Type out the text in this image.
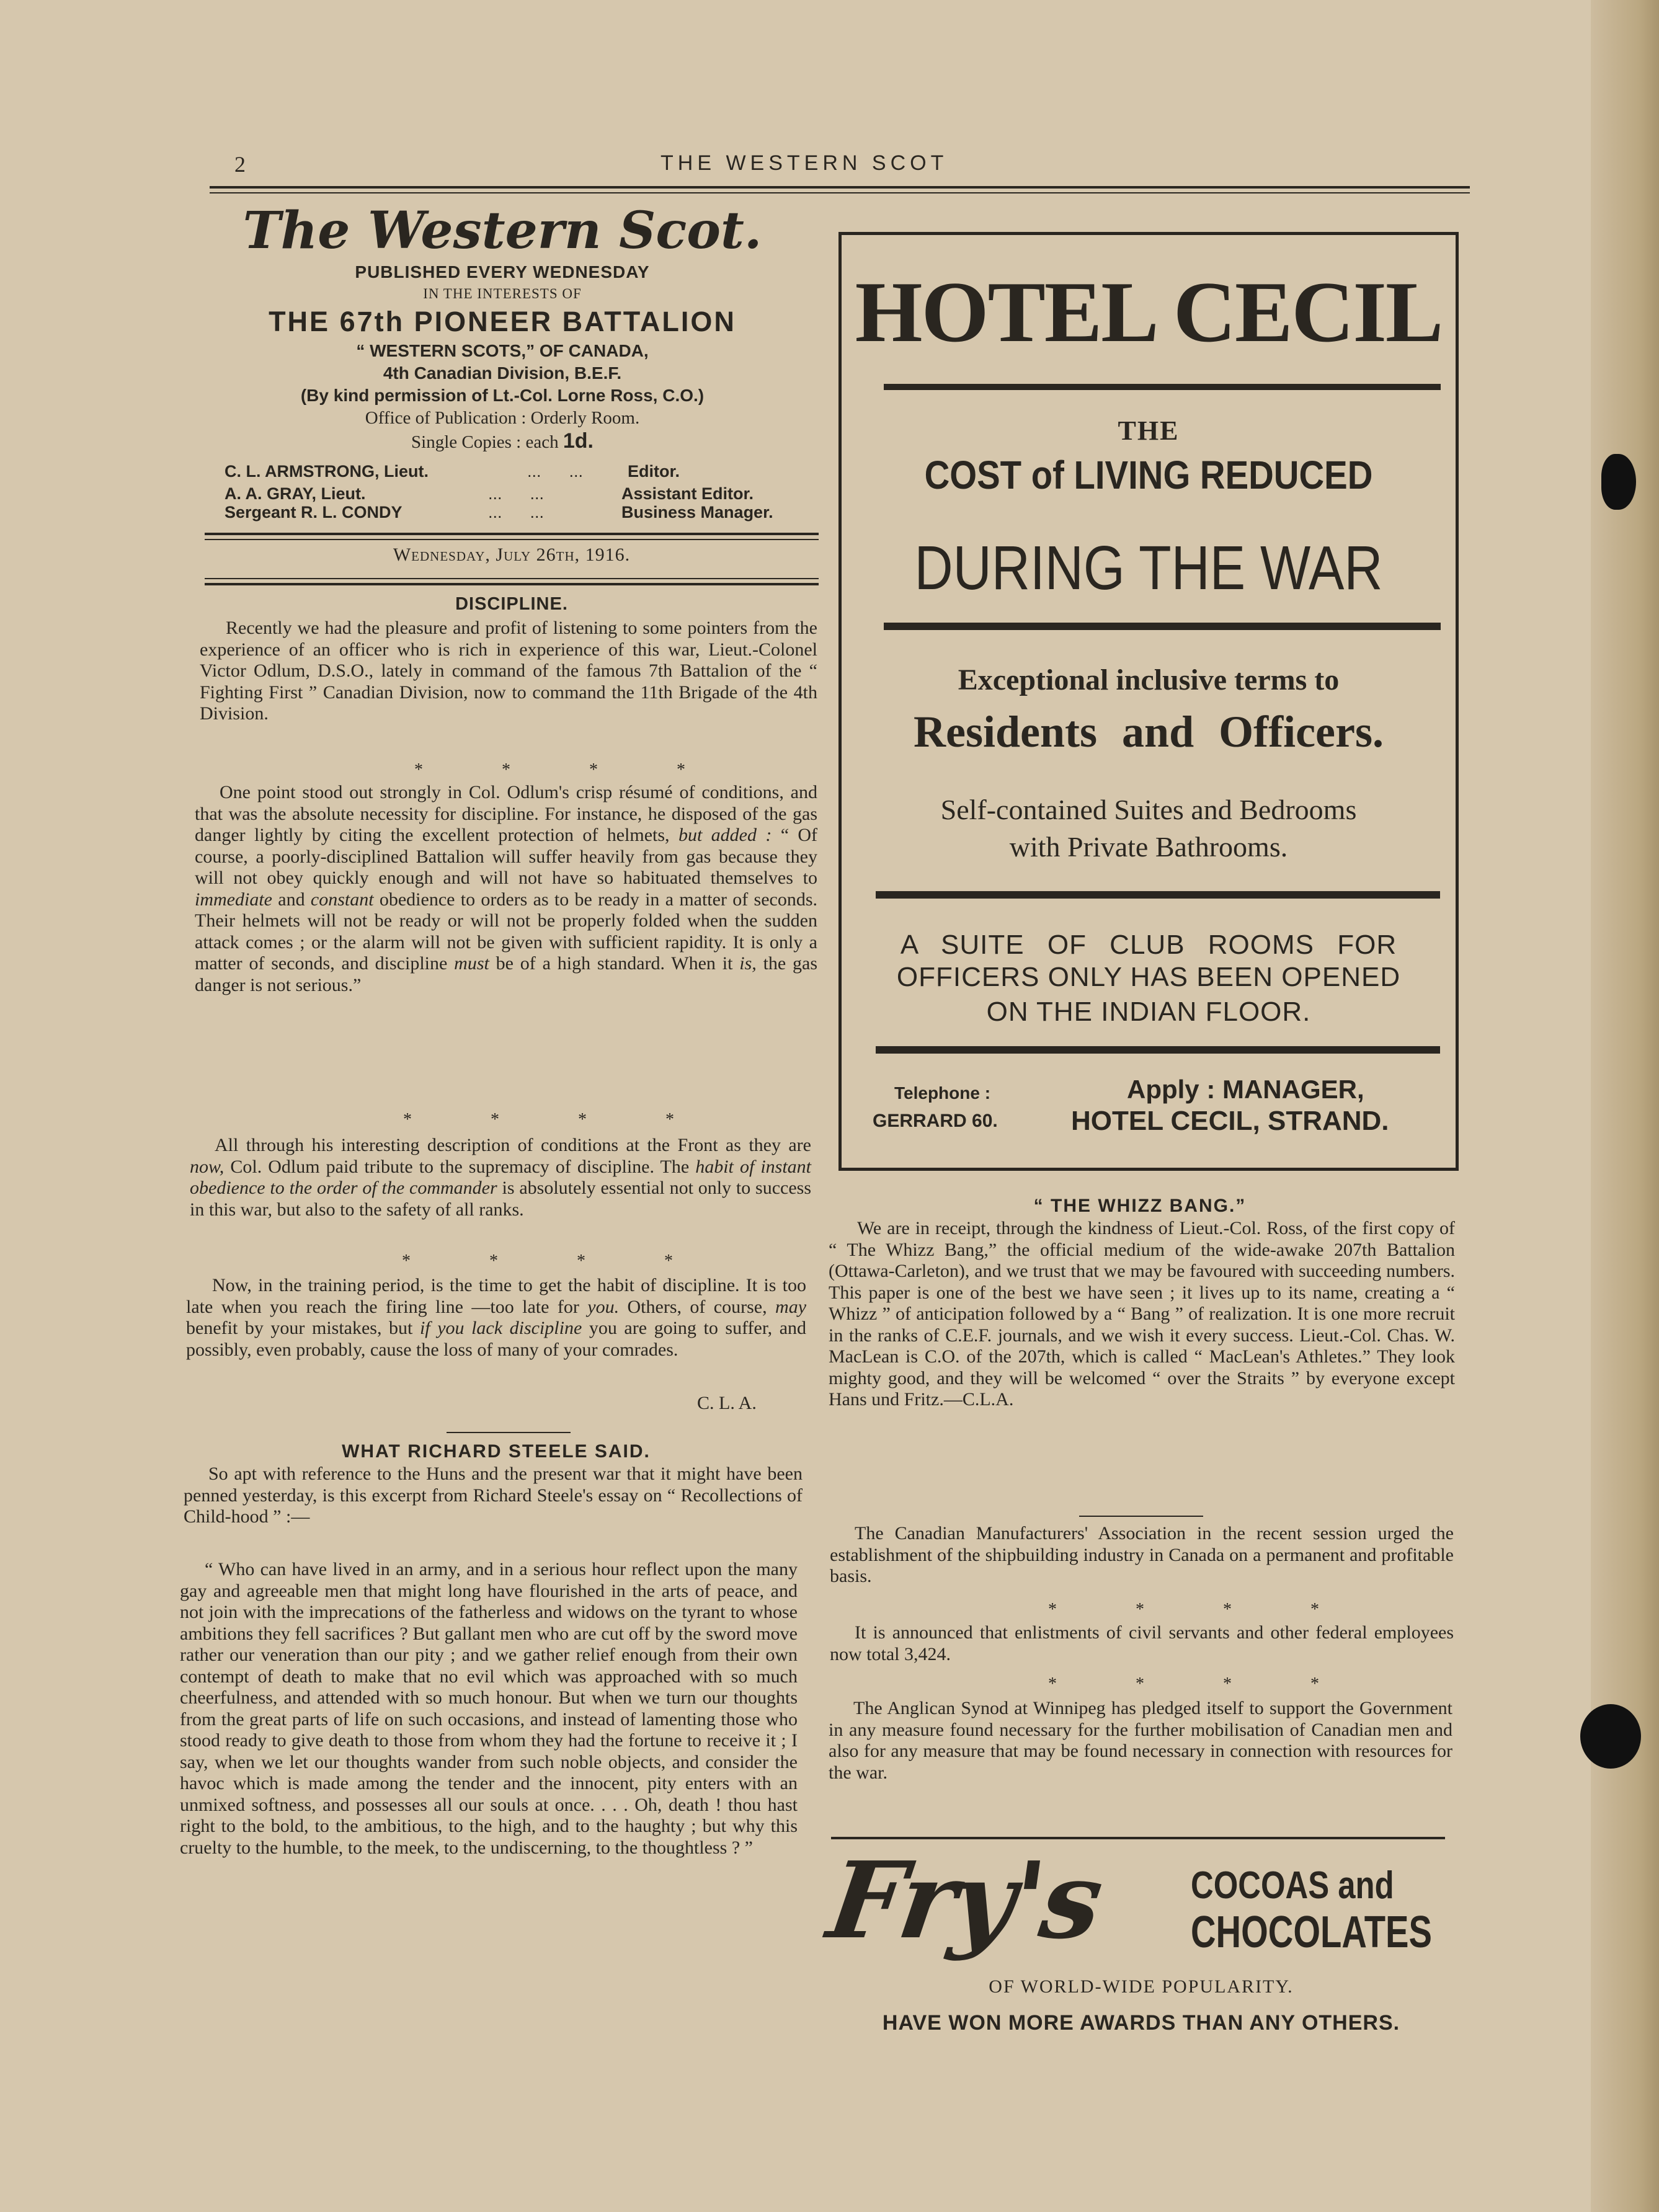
2	THE WESTERN SCOT
The Western Scot.
PUBLISHED EVERY WEDNESDAY
IN THE INTERESTS OF
THE 67th PIONEER BATTALION
“ WESTERN SCOTS,” OF CANADA,
4th Canadian Division, B.E.F.
(By kind permission of Lt.-Col. Lorne Ross, C.O.)
Office of Publication : Orderly Room.
Single Copies : each 1d.
C. L. ARMSTRONG, Lieut.	...      ...	Editor.
A. A. GRAY, Lieut.	...      ...	Assistant Editor.
Sergeant R. L. CONDY	...      ...	Business Manager.
Wednesday, July 26th, 1916.
DISCIPLINE.
Recently we had the pleasure and profit of listening to some pointers from the experience of an officer who is rich in experience of this war, Lieut.-Colonel Victor Odlum, D.S.O., lately in command of the famous 7th Battalion of the “ Fighting First ” Canadian Division, now to command the 11th Brigade of the 4th Division.
* * * *
One point stood out strongly in Col. Odlum's crisp résumé of conditions, and that was the absolute necessity for discipline. For instance, he disposed of the gas danger lightly by citing the excellent protection of helmets, but added : “ Of course, a poorly-disciplined Battalion will suffer heavily from gas because they will not obey quickly enough and will not have so habituated themselves to immediate and constant obedience to orders as to be ready in a matter of seconds. Their helmets will not be ready or will not be properly folded when the sudden attack comes ; or the alarm will not be given with sufficient rapidity. It is only a matter of seconds, and discipline must be of a high standard. When it is, the gas danger is not serious.”
* * * *
All through his interesting description of conditions at the Front as they are now, Col. Odlum paid tribute to the supremacy of discipline. The habit of instant obedience to the order of the commander is absolutely essential not only to success in this war, but also to the safety of all ranks.
* * * *
Now, in the training period, is the time to get the habit of discipline. It is too late when you reach the firing line —too late for you. Others, of course, may benefit by your mistakes, but if you lack discipline you are going to suffer, and possibly, even probably, cause the loss of many of your comrades.
C. L. A.
WHAT RICHARD STEELE SAID.
So apt with reference to the Huns and the present war that it might have been penned yesterday, is this excerpt from Richard Steele's essay on “ Recollections of Child-hood ” :—
“ Who can have lived in an army, and in a serious hour reflect upon the many gay and agreeable men that might long have flourished in the arts of peace, and not join with the imprecations of the fatherless and widows on the tyrant to whose ambitions they fell sacrifices ? But gallant men who are cut off by the sword move rather our veneration than our pity ; and we gather relief enough from their own contempt of death to make that no evil which was approached with so much cheerfulness, and attended with so much honour. But when we turn our thoughts from the great parts of life on such occasions, and instead of lamenting those who stood ready to give death to those from whom they had the fortune to receive it ; I say, when we let our thoughts wander from such noble objects, and consider the havoc which is made among the tender and the innocent, pity enters with an unmixed softness, and possesses all our souls at once. . . . Oh, death ! thou hast right to the bold, to the ambitious, to the high, and to the haughty ; but why this cruelty to the humble, to the meek, to the undiscerning, to the thoughtless ? ”
HOTEL CECIL
THE
COST of LIVING REDUCED
DURING THE WAR
Exceptional inclusive terms to
Residents and Officers.
Self-contained Suites and Bedrooms
with Private Bathrooms.
A SUITE OF CLUB ROOMS FOR
OFFICERS ONLY HAS BEEN OPENED
ON THE INDIAN FLOOR.
Telephone :
GERRARD 60.
Apply : MANAGER,
HOTEL CECIL, STRAND.
“ THE WHIZZ BANG.”
We are in receipt, through the kindness of Lieut.-Col. Ross, of the first copy of “ The Whizz Bang,” the official medium of the wide-awake 207th Battalion (Ottawa-Carleton), and we trust that we may be favoured with succeeding numbers. This paper is one of the best we have seen ; it lives up to its name, creating a “ Whizz ” of anticipation followed by a “ Bang ” of realization. It is one more recruit in the ranks of C.E.F. journals, and we wish it every success. Lieut.-Col. Chas. W. MacLean is C.O. of the 207th, which is called “ MacLean's Athletes.” They look mighty good, and they will be welcomed “ over the Straits ” by everyone except Hans und Fritz.—C.L.A.
The Canadian Manufacturers' Association in the recent session urged the establishment of the shipbuilding industry in Canada on a permanent and profitable basis.
* * * *
It is announced that enlistments of civil servants and other federal employees now total 3,424.
* * * *
The Anglican Synod at Winnipeg has pledged itself to support the Government in any measure found necessary for the further mobilisation of Canadian men and also for any measure that may be found necessary in connection with resources for the war.
Fry's COCOAS and
CHOCOLATES
OF WORLD-WIDE POPULARITY.
HAVE WON MORE AWARDS THAN ANY OTHERS.
